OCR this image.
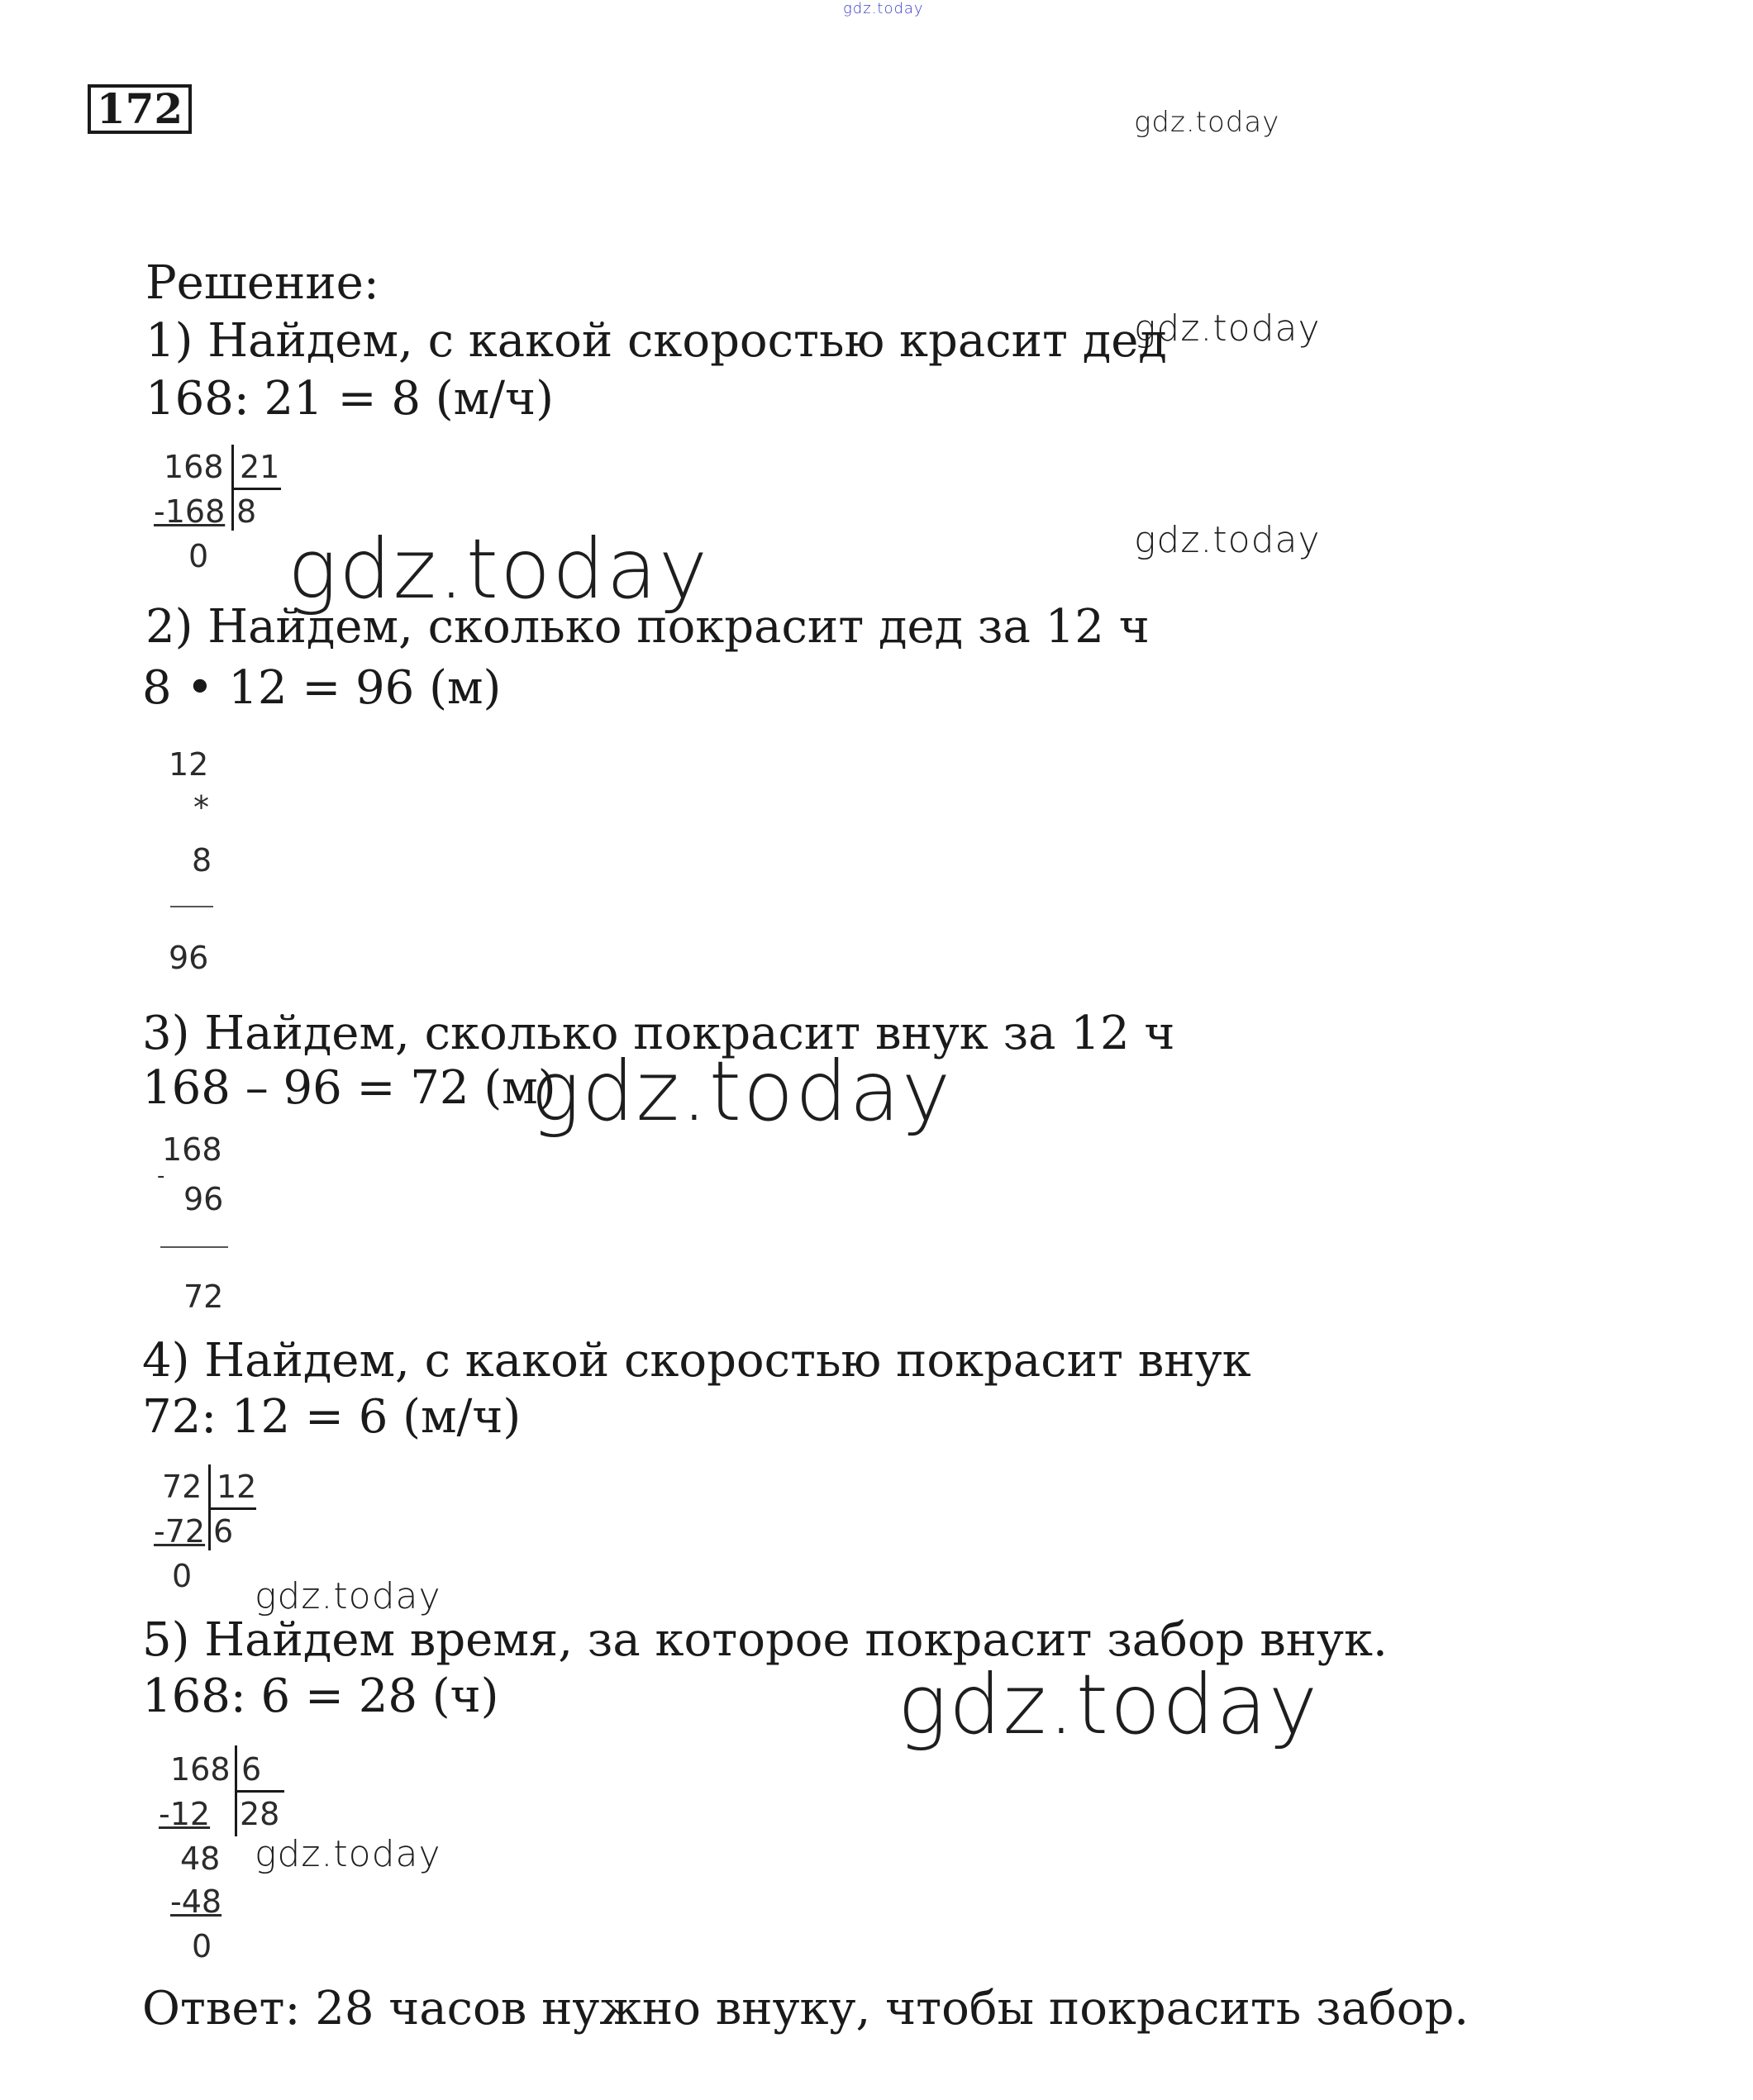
gdz.today
172	gdz.today
gdz.today
gdz.today
gdz.today
gdz.today
gdz.today
gdz.today
gdz.today
Решение:
1) Найдем, с какой скоростью красит дед
168: 21 = 8 (м/ч)
168 21
-168 8
0
2) Найдем, сколько покрасит дед за 12 ч
8 • 12 = 96 (м)
12
*
8
96
3) Найдем, сколько покрасит внук за 12 ч
168 – 96 = 72 (м)
168
-
96
72
4) Найдем, с какой скоростью покрасит внук
72: 12 = 6 (м/ч)
72 12
-72 6
0
5) Найдем время, за которое покрасит забор внук.
168: 6 = 28 (ч)
168 6
-12 28
48
-48
0
Ответ: 28 часов нужно внуку, чтобы покрасить забор.
